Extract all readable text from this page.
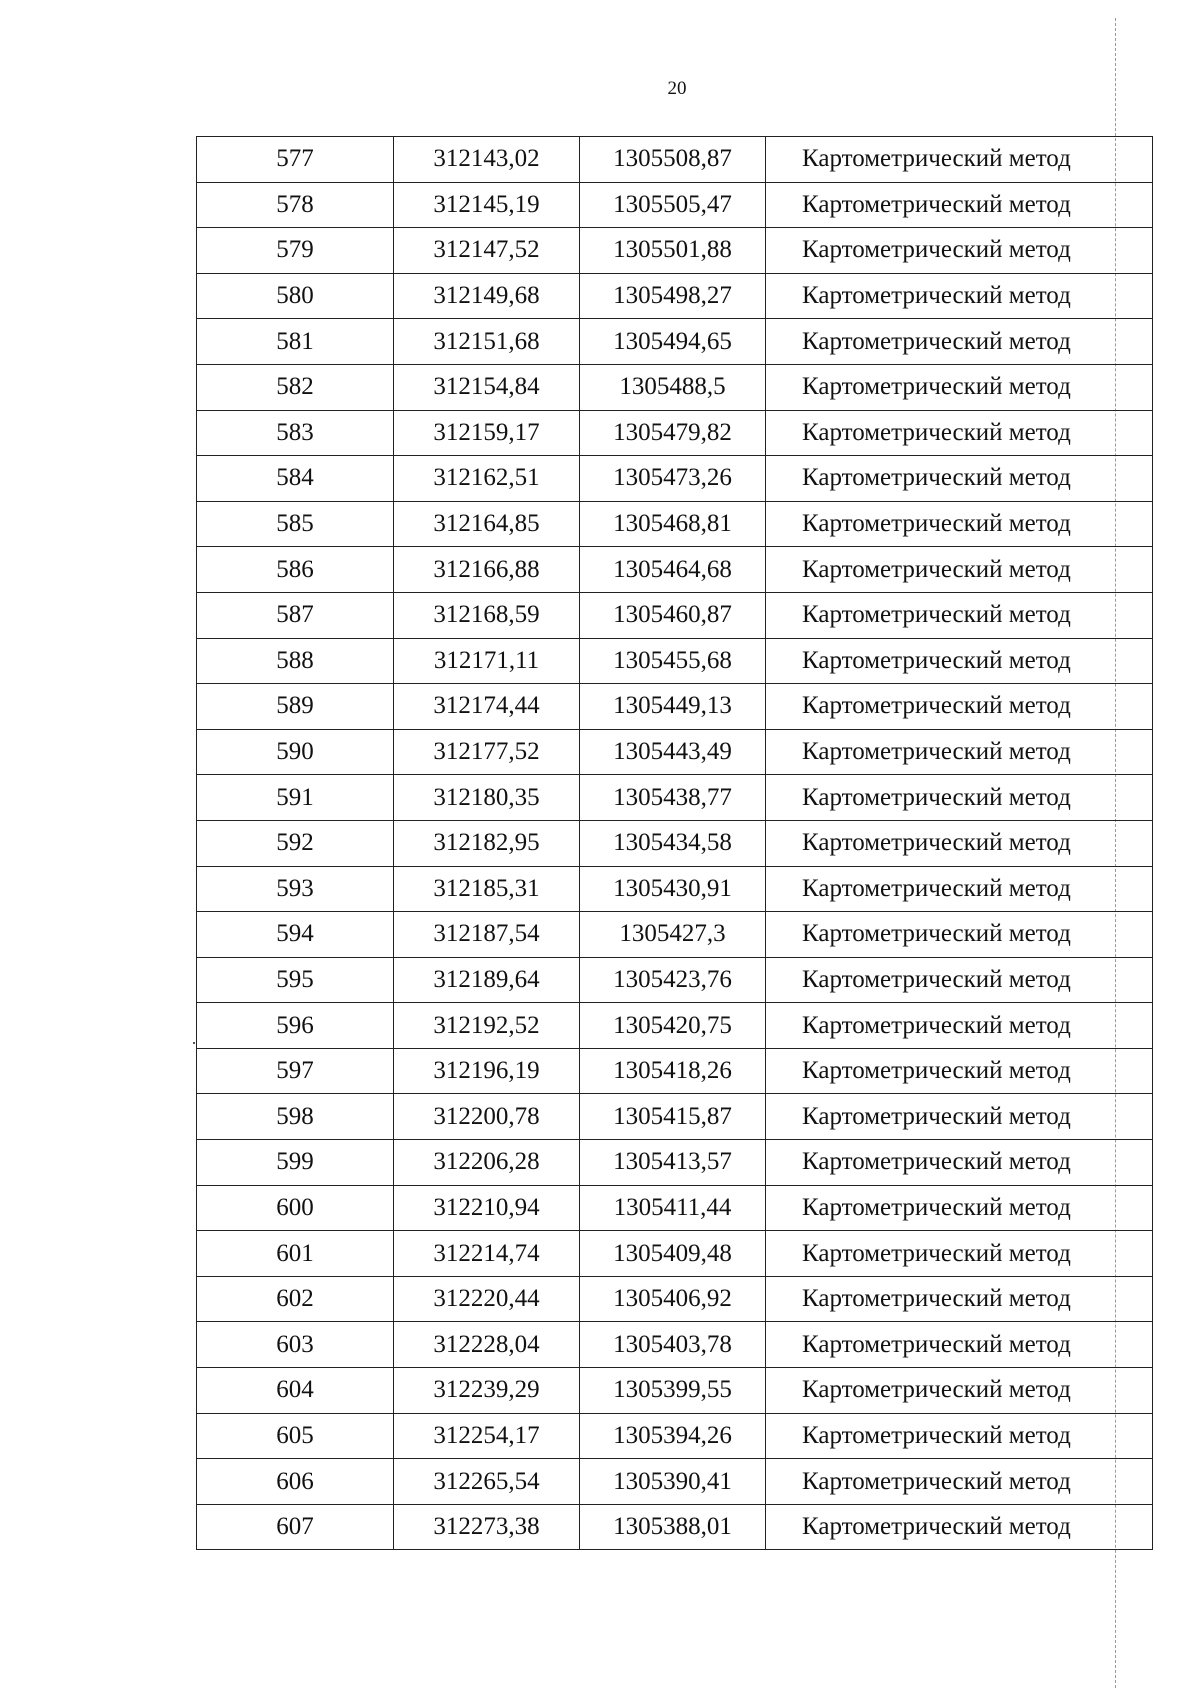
20
577	312143,02	1305508,87	Картометрический метод
578	312145,19	1305505,47	Картометрический метод
579	312147,52	1305501,88	Картометрический метод
580	312149,68	1305498,27	Картометрический метод
581	312151,68	1305494,65	Картометрический метод
582	312154,84	1305488,5	Картометрический метод
583	312159,17	1305479,82	Картометрический метод
584	312162,51	1305473,26	Картометрический метод
585	312164,85	1305468,81	Картометрический метод
586	312166,88	1305464,68	Картометрический метод
587	312168,59	1305460,87	Картометрический метод
588	312171,11	1305455,68	Картометрический метод
589	312174,44	1305449,13	Картометрический метод
590	312177,52	1305443,49	Картометрический метод
591	312180,35	1305438,77	Картометрический метод
592	312182,95	1305434,58	Картометрический метод
593	312185,31	1305430,91	Картометрический метод
594	312187,54	1305427,3	Картометрический метод
595	312189,64	1305423,76	Картометрический метод
596	312192,52	1305420,75	Картометрический метод
597	312196,19	1305418,26	Картометрический метод
598	312200,78	1305415,87	Картометрический метод
599	312206,28	1305413,57	Картометрический метод
600	312210,94	1305411,44	Картометрический метод
601	312214,74	1305409,48	Картометрический метод
602	312220,44	1305406,92	Картометрический метод
603	312228,04	1305403,78	Картометрический метод
604	312239,29	1305399,55	Картометрический метод
605	312254,17	1305394,26	Картометрический метод
606	312265,54	1305390,41	Картометрический метод
607	312273,38	1305388,01	Картометрический метод
